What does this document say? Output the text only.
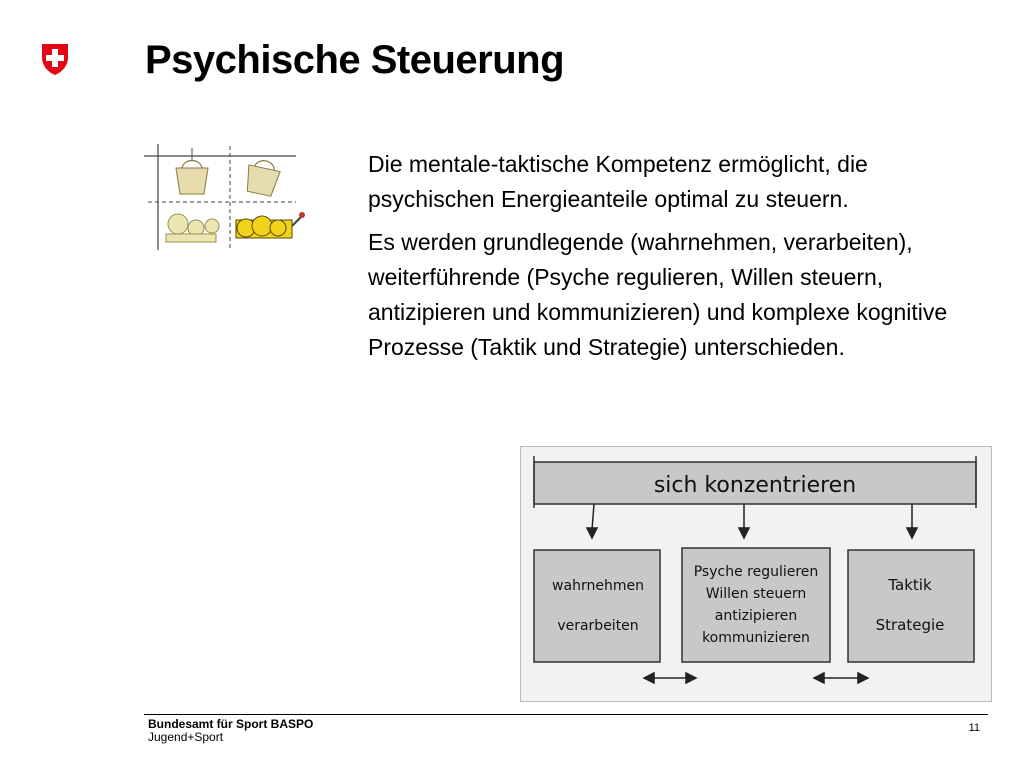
Psychische Steuerung

Die mentale-taktische Kompetenz ermöglicht, die psychischen Energieanteile optimal zu steuern.

Es werden grundlegende (wahrnehmen, verarbeiten), weiterführende (Psyche regulieren, Willen steuern, antizipieren und kommunizieren) und komplexe kognitive Prozesse (Taktik und Strategie) unterschieden.

sich konzentrieren
wahrnehmen
verarbeiten
Psyche regulieren
Willen steuern
antizipieren
kommunizieren
Taktik
Strategie
Bundesamt für Sport BASPO
Jugend+Sport
11
